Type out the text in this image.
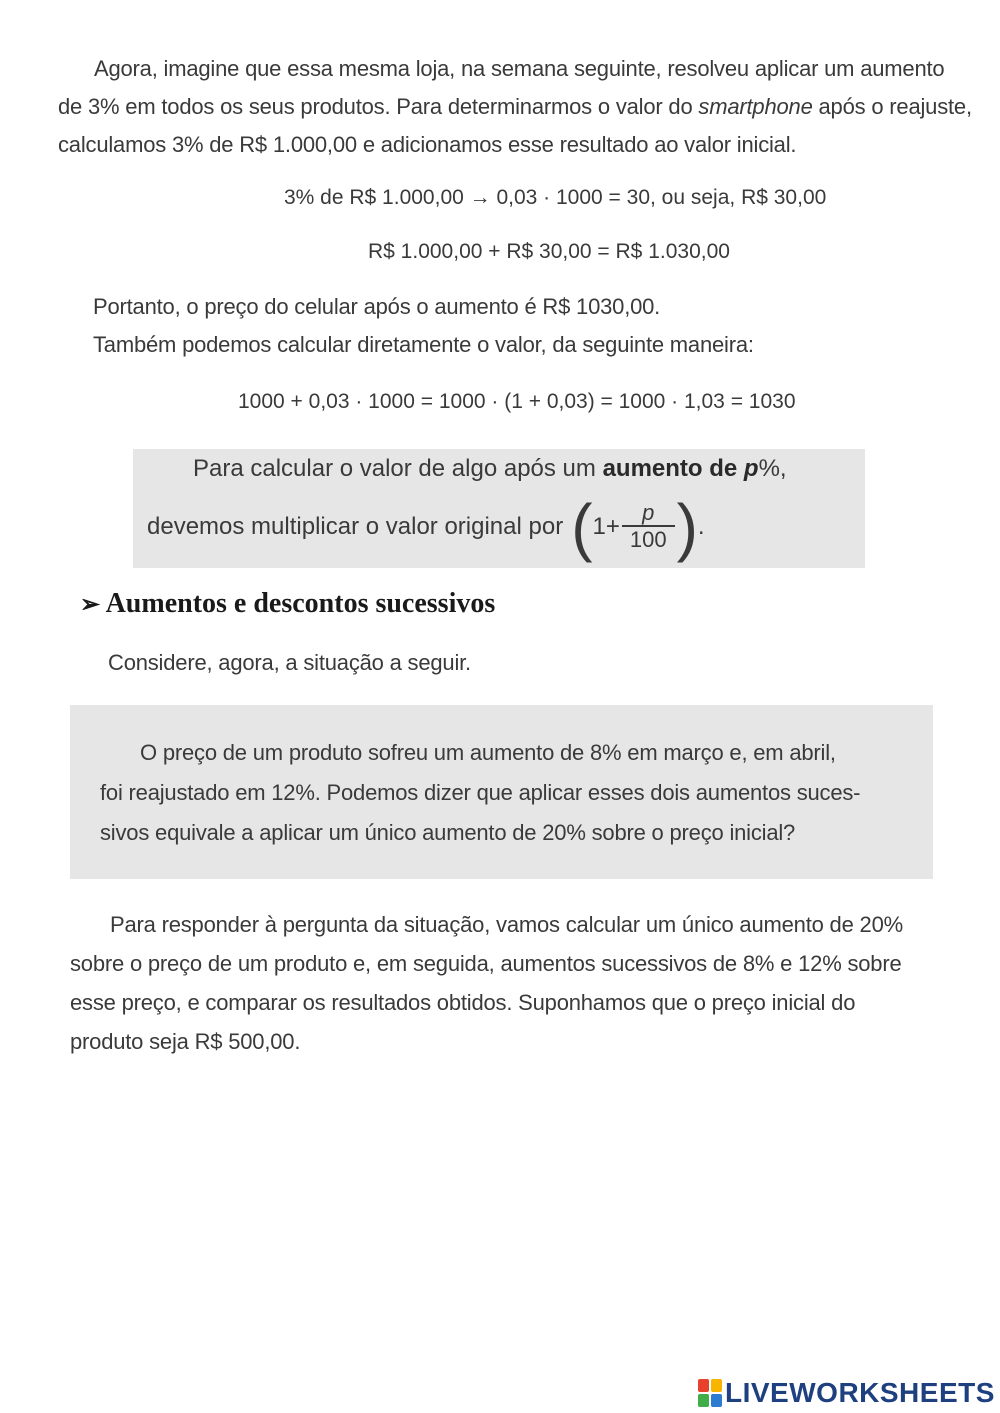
Agora, imagine que essa mesma loja, na semana seguinte, resolveu aplicar um aumento
de 3% em todos os seus produtos. Para determinarmos o valor do smartphone após o reajuste,
calculamos 3% de R$ 1.000,00 e adicionamos esse resultado ao valor inicial.
3% de R$ 1.000,00 → 0,03 · 1000 = 30, ou seja, R$ 30,00
R$ 1.000,00 + R$ 30,00 = R$ 1.030,00
Portanto, o preço do celular após o aumento é R$ 1030,00.
Também podemos calcular diretamente o valor, da seguinte maneira:
1000 + 0,03 · 1000 = 1000 · (1 + 0,03) = 1000 · 1,03 = 1030
Para calcular o valor de algo após um aumento de p%,
devemos multiplicar o valor original por ( $1+ \frac{p}{100}$ ) .
➢ Aumentos e descontos sucessivos
Considere, agora, a situação a seguir.
O preço de um produto sofreu um aumento de 8% em março e, em abril,
foi reajustado em 12%. Podemos dizer que aplicar esses dois aumentos suces-
sivos equivale a aplicar um único aumento de 20% sobre o preço inicial?
Para responder à pergunta da situação, vamos calcular um único aumento de 20%
sobre o preço de um produto e, em seguida, aumentos sucessivos de 8% e 12% sobre
esse preço, e comparar os resultados obtidos. Suponhamos que o preço inicial do
produto seja R$ 500,00.
LIVEWORKSHEETS
